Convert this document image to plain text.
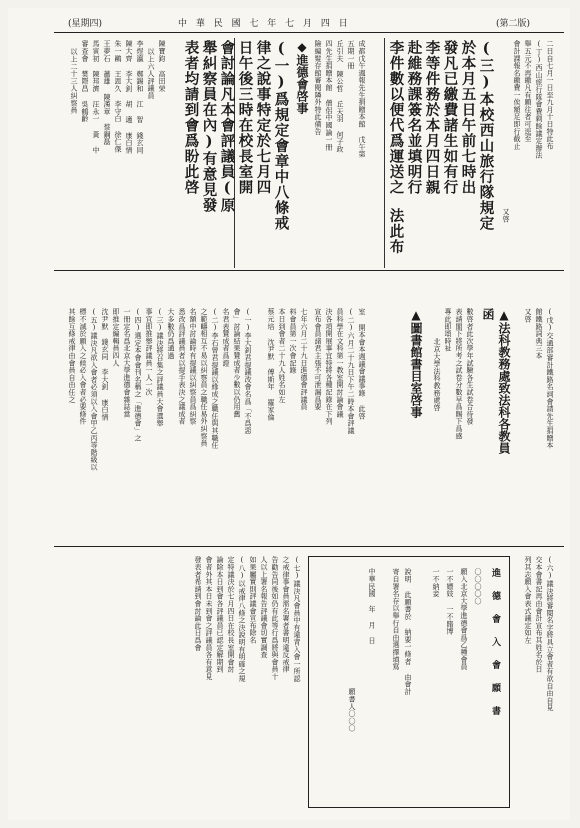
(星期四)	中 華 民 國 七 年 七 月 四 日	(第二版)
二日自七月一日至九月十日特此布
(丁)西山旅行隊會費剩餘議定辦法
舉五元不再繳凡有願往者可逕至
會計課報名繳費一俟額足即行截止
又啓
(戊)交通部審計鐵路名詞會請先生捐贈本
館鐵路詞典三本
又啓
(三)本校西山旅行隊規定
於本月五日午前七時出
發凡已繳費諸生如有行
李等件務於本月四日親
赴維務課簽名並填明行
李件數以便代爲運送之
法此布
▲法科教務處致法科各教員
函
數啓者此次學年試驗各生試卷合待發
表請閣下將所考之試卷分數早爲賜下爲感
專此即頌時祉
北京大學法科教務處啓
▲圖書館書目室啓事
成都戊午週報先生捐贈本館 戊午第
五期一冊
丘引夫 陳公哲 丘天羽 何子政
四先生捐贈本館 僧侶中國論一冊
險編髮存館審閱隣外特此備告
◆進德會啓事
(一)爲規定會章中八條戒
律之說事特定於七月四
日午後三時在校長室開
會討論凡本會評議員(原
舉糾察員在內)有意見發
表者均請到會爲盼此啓
室 開本會本週議會議事錄 此啓
(二)六月二十九日下午二時本會評議
員科學在文科第一教室開討論會議
決各項開展事宜特將各種記錄在下列
宣布會員諸君主張不可泄漏爲要
七年六月二十九日進德會評議員
料會員第一次會記錄
本日到會者二十九人姓名如左
蔡元培 沈尹默 傅斯年 羅家倫
陳寶鈞 高田荣
以上六人評議員
李煜瀛 鄭錫和 江 智 錢玄同
陳大齊 李大釗 胡 適 康白情
朱一鷗 王恩久 李守白 徐仁傑
王夢石 蕭雄 陳漢章 蔡鋼磊
馬寅初 陳邦濟 汪永一 黃 中
審查會 樊際昌 吳鶴齡
以上二十三人糾察員
(一)李大釗君提議改會名爲「不爲惡
會」討論結果贊成者少數以仍用舊
名君表贊成者爲證
(二)李石曾君提議以緣成之職任與其職任
之範疇相互不易以糾察員之職任易外糾察員
名額中討論時有提議以糾察員爲糾察
悉改爲評議員者以提手表決之議成者
大多數仍爲通過
(三)議決將召集之評議員大會選舉
事宜即推舉評議員一人一次
(四)選定本會會刊名稱之「進德會」之
一冊定名爲北京大學進德會雜誌當
即推定編輯員四人
沈尹默 錢玄同 李大釗 康白情
(五)議決凡欲入會者必須以入會甲乙丙等階級以
標不滅於願入之候必入會者必要條件
其餘互條戒律由會員自由任之
(六)議決將審閱名字將具立會者有欲自由自見
交本會書記再由會計宣布其姓名於日
列其志願入會表式議定如左
進 德 會 入 會 願 書
〇〇〇〇〇
願入北京大學進德會爲乙種會員
一不嫖妓 一不賭博
一不納妾
說明 此願書於 納要一條者 由會計
寄自署名存以舉行自由選擇填寫
中華民國 年 月 日
願書人〇〇〇
(七)議決凡會員中有違背入會一所認
之戒律事會員需名署者書明違反戒律
告勸告同後如仍有此等行爲將與會員十
人以上署名報告評議會切實調查
如果屬實則評議會宣布除名
(八)以戒律八條之決說明有明確之規
定特議決於七月四日在校長室開會討
論除本日到會各評議員已認定解期到
會者外其本日未到會之評議員各有意見
發表者希請到會討論此日爲會
